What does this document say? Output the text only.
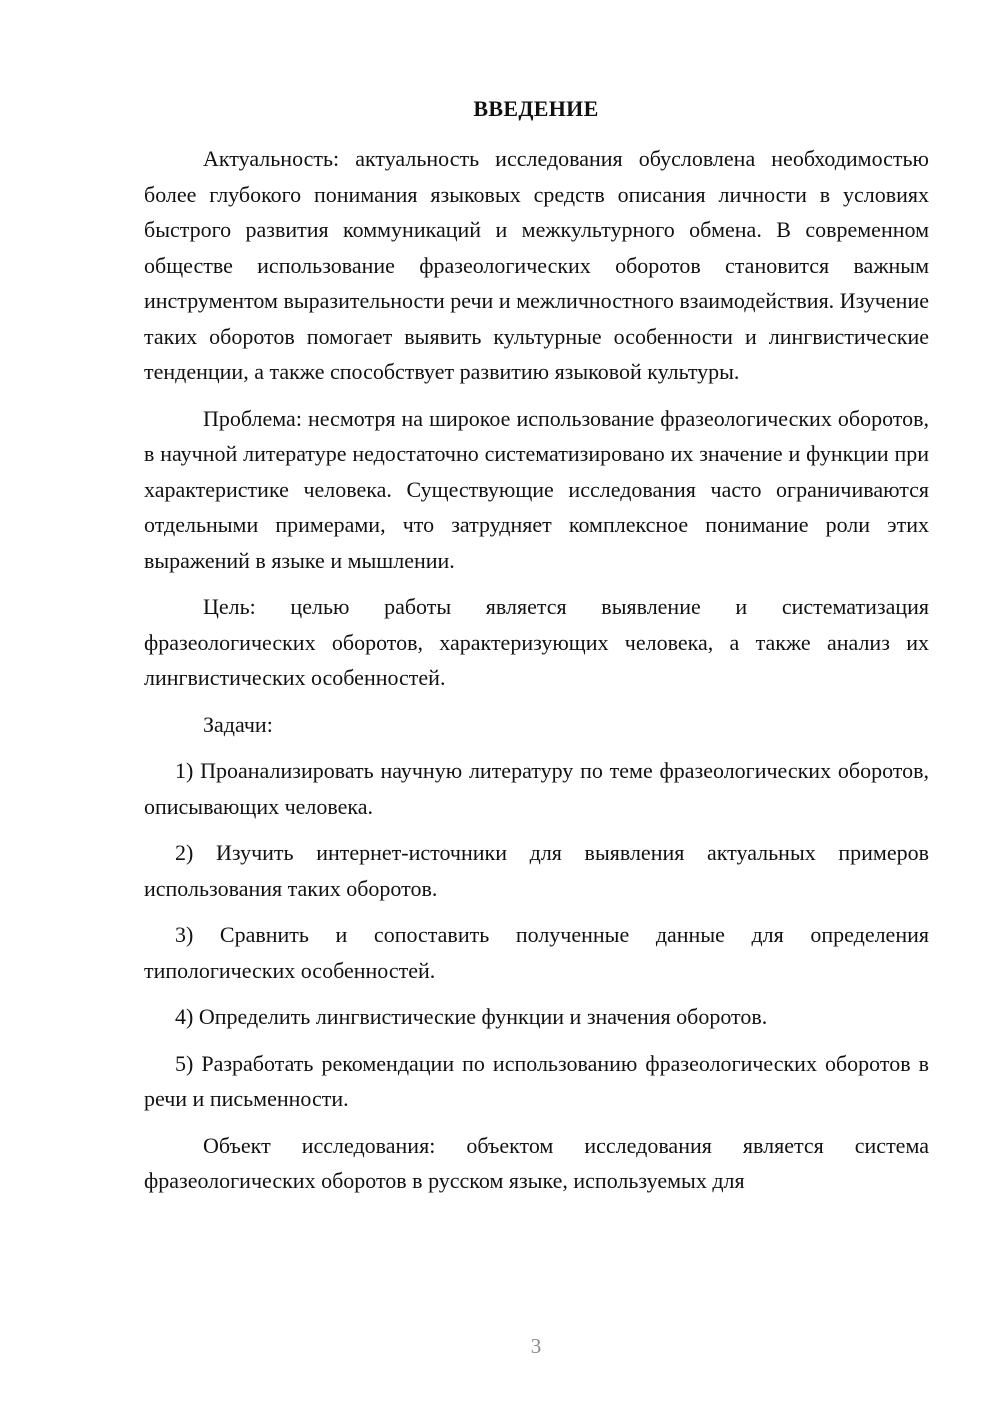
ВВЕДЕНИЕ

Актуальность: актуальность исследования обусловлена необходимостью более глубокого понимания языковых средств описания личности в условиях быстрого развития коммуникаций и межкультурного обмена. В современном обществе использование фразеологических оборотов становится важным инструментом выразительности речи и межличностного взаимодействия. Изучение таких оборотов помогает выявить культурные особенности и лингвистические тенденции, а также способствует развитию языковой культуры.

Проблема: несмотря на широкое использование фразеологических оборотов, в научной литературе недостаточно систематизировано их значение и функции при характеристике человека. Существующие исследования часто ограничиваются отдельными примерами, что затрудняет комплексное понимание роли этих выражений в языке и мышлении.

Цель: целью работы является выявление и систематизация фразеологических оборотов, характеризующих человека, а также анализ их лингвистических особенностей.

Задачи:

1) Проанализировать научную литературу по теме фразеологических оборотов, описывающих человека.

2) Изучить интернет-источники для выявления актуальных примеров использования таких оборотов.

3) Сравнить и сопоставить полученные данные для определения типологических особенностей.

4) Определить лингвистические функции и значения оборотов.

5) Разработать рекомендации по использованию фразеологических оборотов в речи и письменности.

Объект исследования: объектом исследования является система фразеологических оборотов в русском языке, используемых для

3
